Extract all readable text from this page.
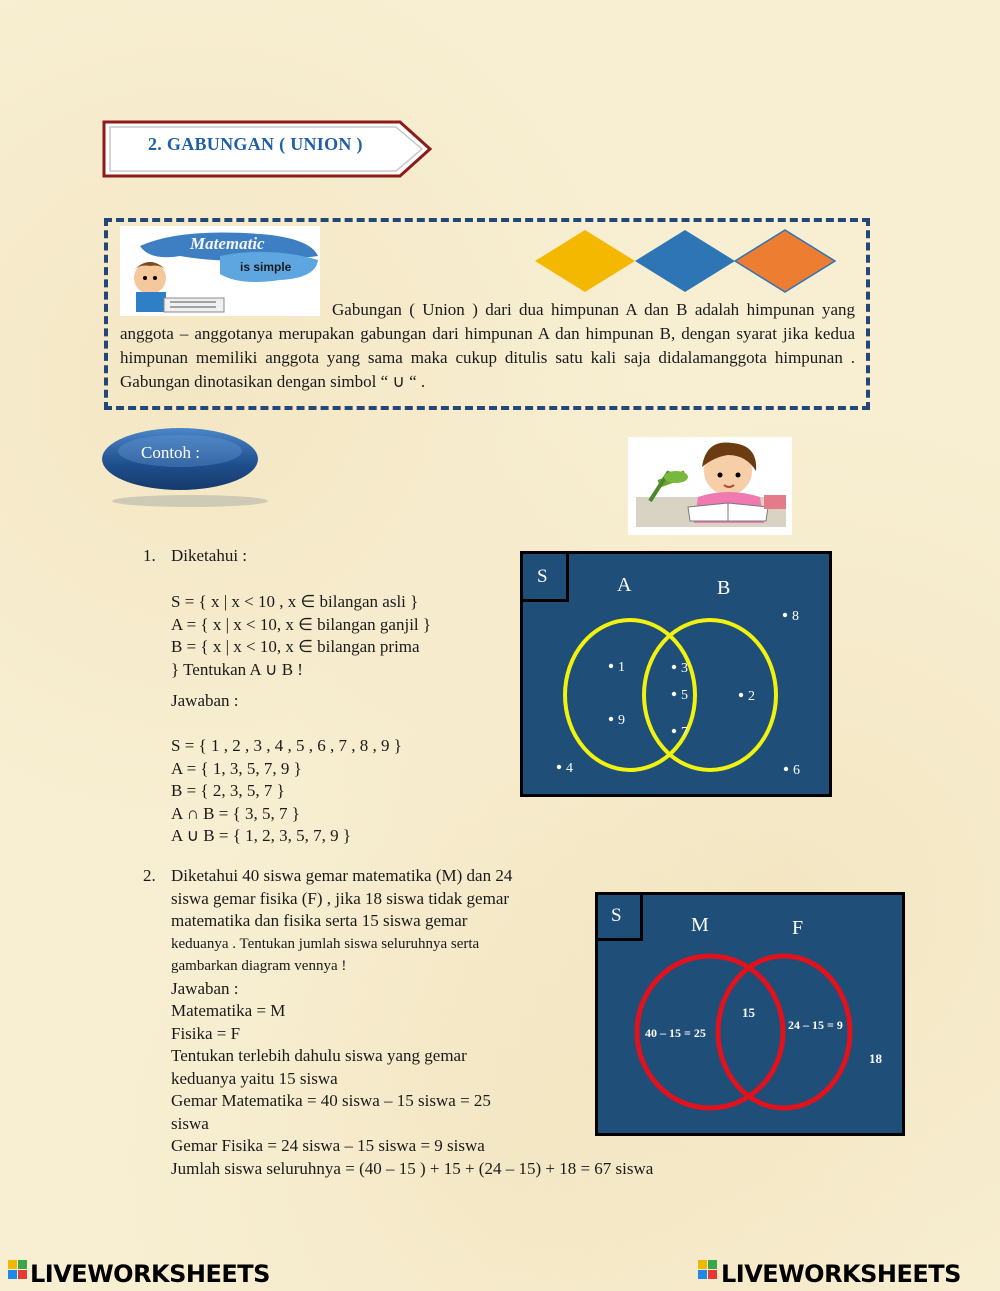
2. GABUNGAN ( UNION )
Matematic
is simple
Gabungan ( Union ) dari dua himpunan A dan B adalah himpunan yang anggota – anggotanya merupakan gabungan dari himpunan A dan himpunan B, dengan syarat jika kedua himpunan memiliki anggota yang sama maka cukup ditulis satu kali saja didalamanggota himpunan . Gabungan dinotasikan dengan simbol “ ∪ “ .
Contoh :
1. Diketahui :
S = { x | x < 10 , x ∈ bilangan asli }
A = { x | x < 10, x ∈ bilangan ganjil }
B = { x | x < 10, x ∈ bilangan prima
} Tentukan A ∪ B !
Jawaban :
S = { 1 , 2 , 3 , 4 , 5 , 6 , 7 , 8 , 9 }
A = { 1, 3, 5, 7, 9 }
B = { 2, 3, 5, 7 }
A ∩ B = { 3, 5, 7 }
A ∪ B = { 1, 2, 3, 5, 7, 9 }
S	A	B
1
9
3
5
7
2
8
4	6
2. Diketahui 40 siswa gemar matematika (M) dan 24
siswa gemar fisika (F) , jika 18 siswa tidak gemar
matematika dan fisika serta 15 siswa gemar
keduanya . Tentukan jumlah siswa seluruhnya serta
gambarkan diagram vennya !
Jawaban :
Matematika = M
Fisika = F
Tentukan terlebih dahulu siswa yang gemar
keduanya yaitu 15 siswa
Gemar Matematika = 40 siswa – 15 siswa = 25
siswa
Gemar Fisika = 24 siswa – 15 siswa = 9 siswa
Jumlah siswa seluruhnya = (40 – 15 ) + 15 + (24 – 15) + 18 = 67 siswa
S	M	F
40 – 15 = 25
15
24 – 15 = 9
18
LIVEWORKSHEETS	LIVEWORKSHEETS
